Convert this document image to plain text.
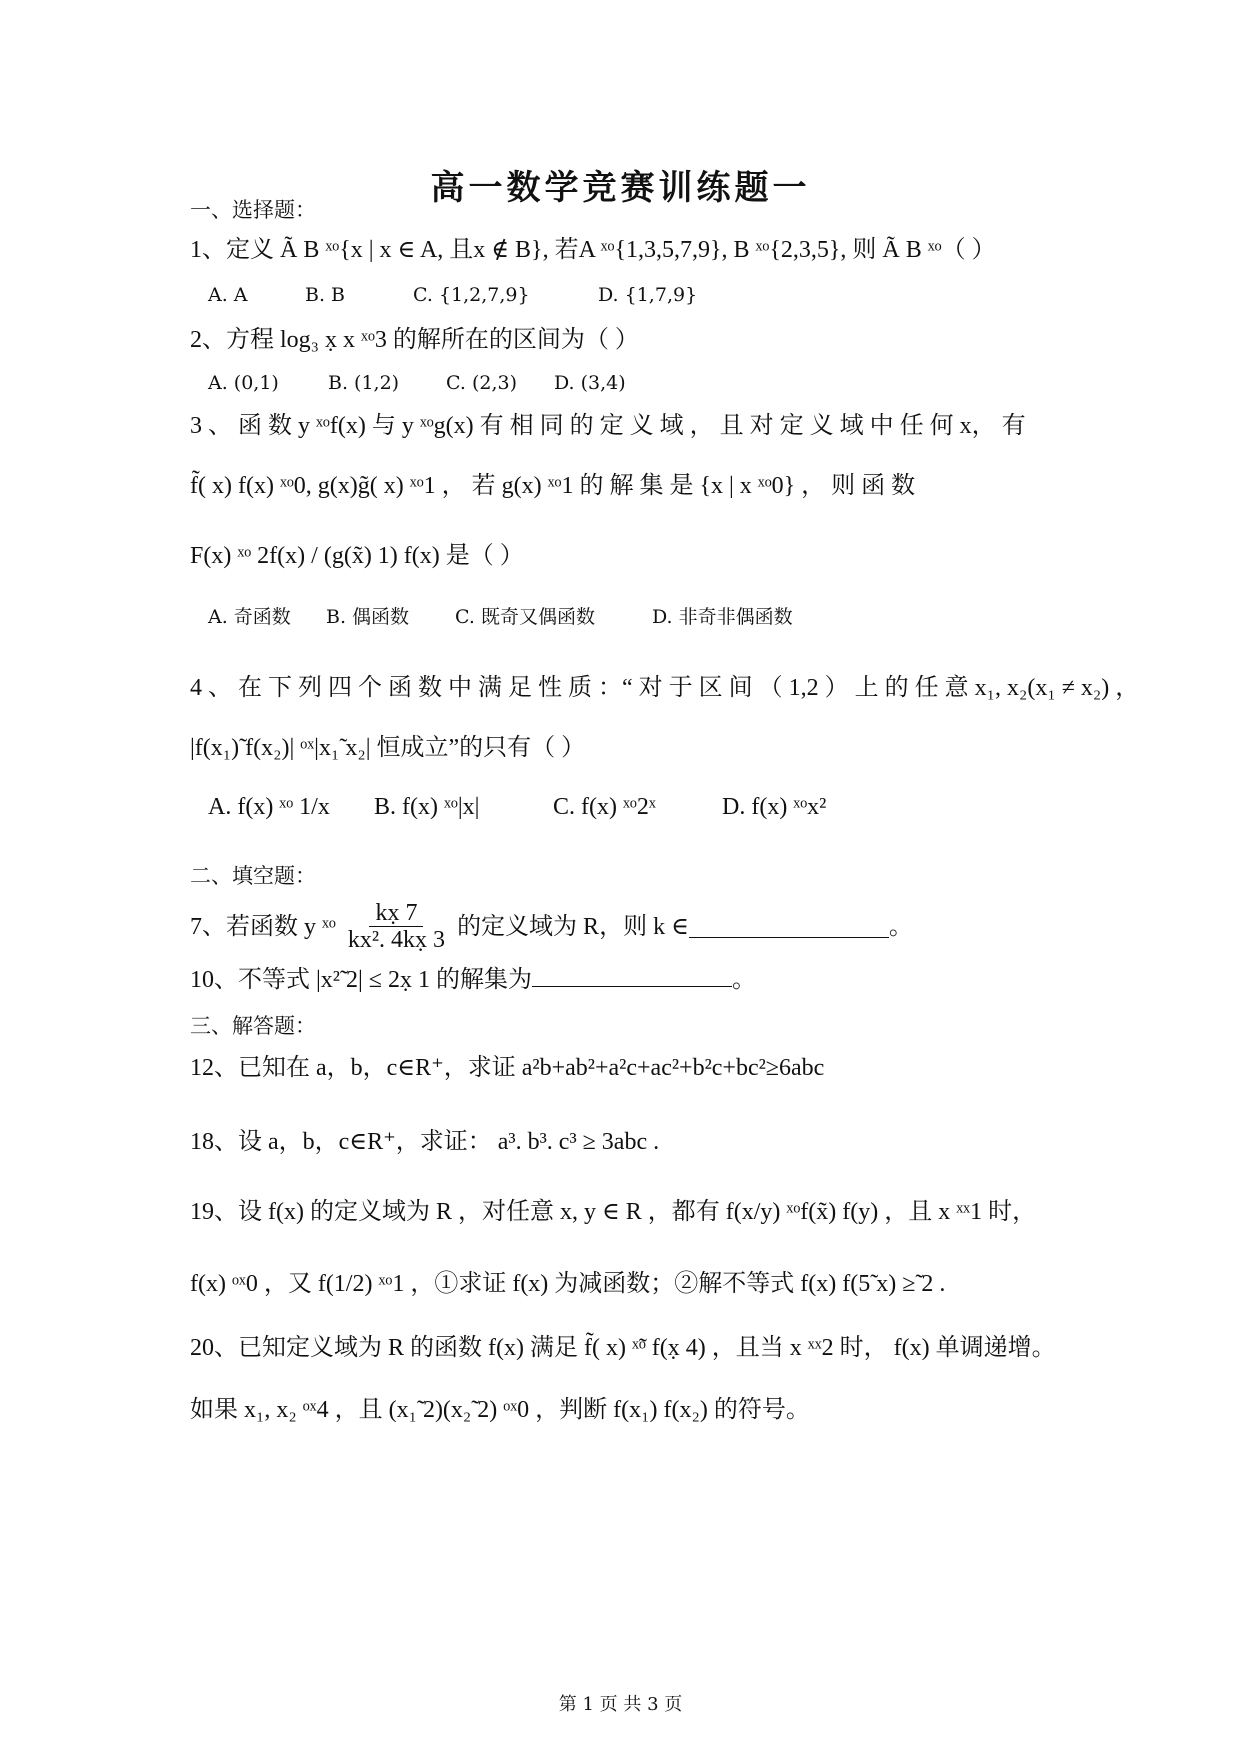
高一数学竞赛训练题一
一、选择题：
1、定义 Ã B ˣᵒ{x | x ∈ A, 且x ∉ B}, 若A ˣᵒ{1,3,5,7,9}, B ˣᵒ{2,3,5}, 则 Ã B ˣᵒ（ ）
A. A	B. B	C. {1,2,7,9}	D. {1,7,9}
2、方程 log₃ x̣ x ˣᵒ3 的解所在的区间为（ ）
A. (0,1)	B. (1,2) C. (2,3) D. (3,4)
3 、 函 数 y ˣᵒf(x) 与 y ˣᵒg(x) 有 相 同 的 定 义 域 ， 且 对 定 义 域 中 任 何 x， 有
f̃( x) f(x) ˣᵒ0, g(x)g̃( x) ˣᵒ1 ， 若 g(x) ˣᵒ1 的 解 集 是 {x | x ˣᵒ0} ， 则 函 数
F(x) ˣᵒ 2f(x) / (g(x̃) 1) f(x) 是（ ）
A. 奇函数 B. 偶函数 C. 既奇又偶函数	D. 非奇非偶函数
4 、 在 下 列 四 个 函 数 中 满 足 性 质 ：“ 对 于 区 间 （ 1,2 ） 上 的 任 意 x₁, x₂(x₁ ≠ x₂) ，
|f(x₁)̃ f(x₂)| ᵒˣ|x₁̃ x₂| 恒成立”的只有（ ）
A. f(x) ˣᵒ 1/x B. f(x) ˣᵒ|x|	C. f(x) ˣᵒ2ˣ	D. f(x) ˣᵒx²
二、填空题：
7、若函数 y ˣᵒ $\frac{kx̣ 7}{\text{kx². 4kx̣ 3}}$ 的定义域为 R，则 k ∈	。
10、不等式 |x²̃ 2| ≤ 2x̣ 1 的解集为	。
三、解答题：
12、已知在 a，b，c∈R⁺，求证 a²b+ab²+a²c+ac²+b²c+bc²≥6abc
18、设 a，b，c∈R⁺，求证： a³. b³. c³ ≥ 3abc .
19、设 f(x) 的定义域为 R ，对任意 x, y ∈ R ，都有 f(x/y) ˣᵒf(x̃) f(y) ，且 x ˣˣ1 时，
f(x) ᵒˣ0 ，又 f(1/2) ˣᵒ1 ，①求证 f(x) 为减函数；②解不等式 f(x) f(5̃ x) ≥̃ 2 .
20、已知定义域为 R 的函数 f(x) 满足 f̃( x) ˣ̃ᵒ f(x̣ 4) ，且当 x ˣˣ2 时， f(x) 单调递增。
如果 x₁, x₂ ᵒˣ4 ，且 (x₁̃ 2)(x₂̃ 2) ᵒˣ0 ，判断 f(x₁) f(x₂) 的符号。
第 1 页 共 3 页
